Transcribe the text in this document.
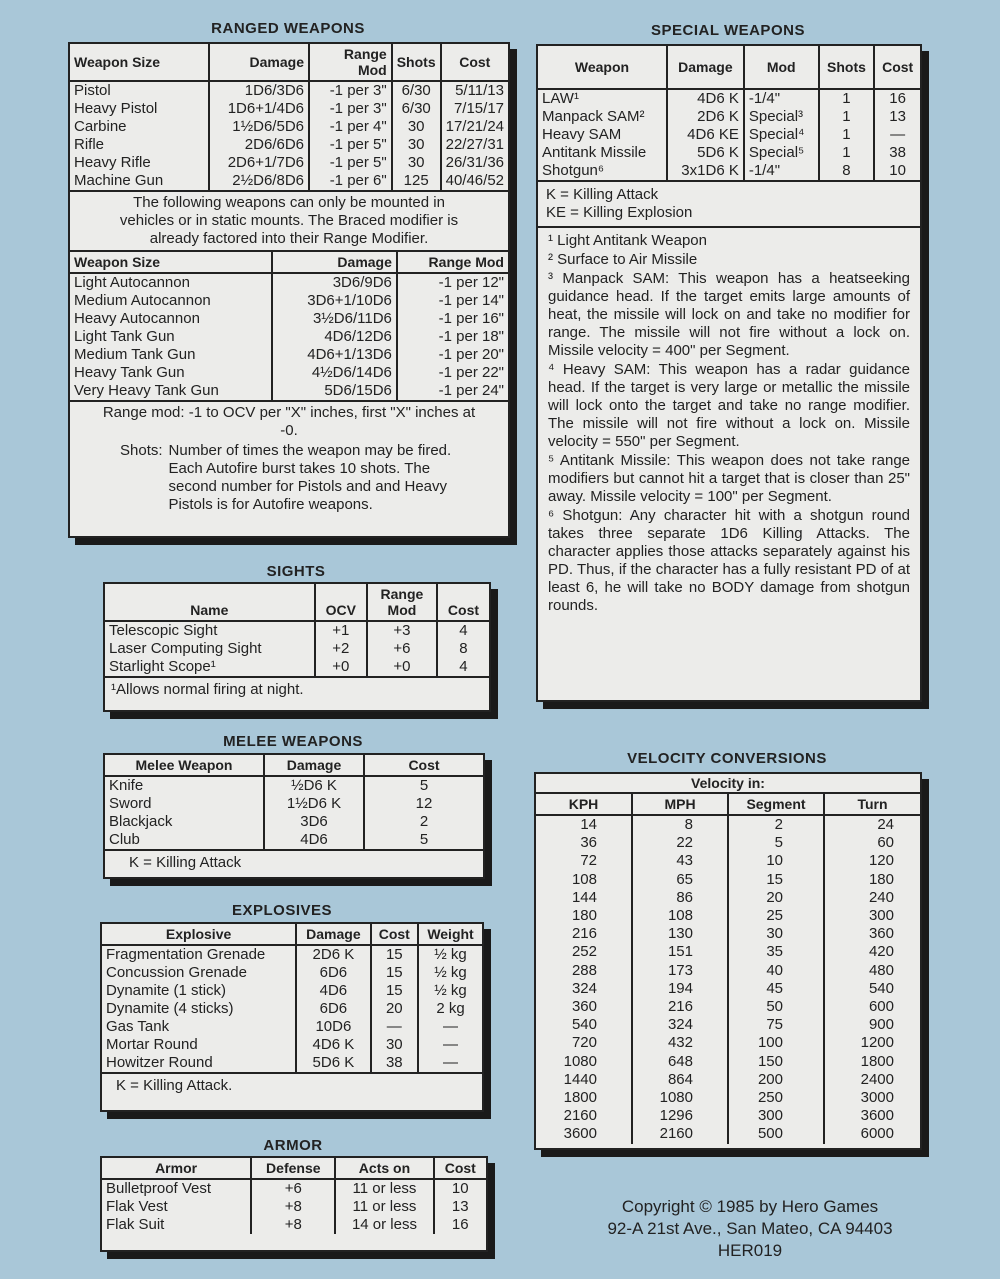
RANGED WEAPONS
Weapon Size	Damage	Range Mod	Shots	Cost
Pistol	1D6/3D6	-1 per 3"	6/30	5/11/13
Heavy Pistol	1D6+1/4D6	-1 per 3"	6/30	7/15/17
Carbine	1½D6/5D6	-1 per 4"	30	17/21/24
Rifle	2D6/6D6	-1 per 5"	30	22/27/31
Heavy Rifle	2D6+1/7D6	-1 per 5"	30	26/31/36
Machine Gun	2½D6/8D6	-1 per 6"	125	40/46/52
The following weapons can only be mounted in vehicles or in static mounts. The Braced modifier is already factored into their Range Modifier.
Weapon Size	Damage	Range Mod
Light Autocannon	3D6/9D6	-1 per 12"
Medium Autocannon	3D6+1/10D6	-1 per 14"
Heavy Autocannon	3½D6/11D6	-1 per 16"
Light Tank Gun	4D6/12D6	-1 per 18"
Medium Tank Gun	4D6+1/13D6	-1 per 20"
Heavy Tank Gun	4½D6/14D6	-1 per 22"
Very Heavy Tank Gun	5D6/15D6	-1 per 24"
Range mod: -1 to OCV per "X" inches, first "X" inches at -0.
Shots: Number of times the weapon may be fired. Each Autofire burst takes 10 shots. The second number for Pistols and and Heavy Pistols is for Autofire weapons.
SPECIAL WEAPONS
Weapon	Damage	Mod	Shots	Cost
LAW¹	4D6 K	-1/4"	1	16
Manpack SAM²	2D6 K	Special³	1	13
Heavy SAM	4D6 KE	Special⁴	1	—
Antitank Missile	5D6 K	Special⁵	1	38
Shotgun⁶	3x1D6 K	-1/4"	8	10
K = Killing Attack
KE = Killing Explosion
¹ Light Antitank Weapon
² Surface to Air Missile
³ Manpack SAM: This weapon has a heatseeking guidance head. If the target emits large amounts of heat, the missile will lock on and take no modifier for range. The missile will not fire without a lock on. Missile velocity = 400" per Segment.
⁴ Heavy SAM: This weapon has a radar guidance head. If the target is very large or metallic the missile will lock onto the target and take no range modifier. The missile will not fire without a lock on. Missile velocity = 550" per Segment.
⁵ Antitank Missile: This weapon does not take range modifiers but cannot hit a target that is closer than 25" away. Missile velocity = 100" per Segment.
⁶ Shotgun: Any character hit with a shotgun round takes three separate 1D6 Killing Attacks. The character applies those attacks separately against his PD. Thus, if the character has a fully resistant PD of at least 6, he will take no BODY damage from shotgun rounds.
SIGHTS
Name	OCV	Range Mod	Cost
Telescopic Sight	+1	+3	4
Laser Computing Sight	+2	+6	8
Starlight Scope¹	+0	+0	4
¹Allows normal firing at night.
MELEE WEAPONS
Melee Weapon	Damage	Cost
Knife	½D6 K	5
Sword	1½D6 K	12
Blackjack	3D6	2
Club	4D6	5
K = Killing Attack
EXPLOSIVES
Explosive	Damage	Cost	Weight
Fragmentation Grenade	2D6 K	15	½ kg
Concussion Grenade	6D6	15	½ kg
Dynamite (1 stick)	4D6	15	½ kg
Dynamite (4 sticks)	6D6	20	2 kg
Gas Tank	10D6	—	—
Mortar Round	4D6 K	30	—
Howitzer Round	5D6 K	38	—
K = Killing Attack.
ARMOR
Armor	Defense	Acts on	Cost
Bulletproof Vest	+6	11 or less	10
Flak Vest	+8	11 or less	13
Flak Suit	+8	14 or less	16
VELOCITY CONVERSIONS
Velocity in:
KPH	MPH	Segment	Turn
14	8	2	24
36	22	5	60
72	43	10	120
108	65	15	180
144	86	20	240
180	108	25	300
216	130	30	360
252	151	35	420
288	173	40	480
324	194	45	540
360	216	50	600
540	324	75	900
720	432	100	1200
1080	648	150	1800
1440	864	200	2400
1800	1080	250	3000
2160	1296	300	3600
3600	2160	500	6000
Copyright © 1985 by Hero Games
92-A 21st Ave., San Mateo, CA 94403
HER019
